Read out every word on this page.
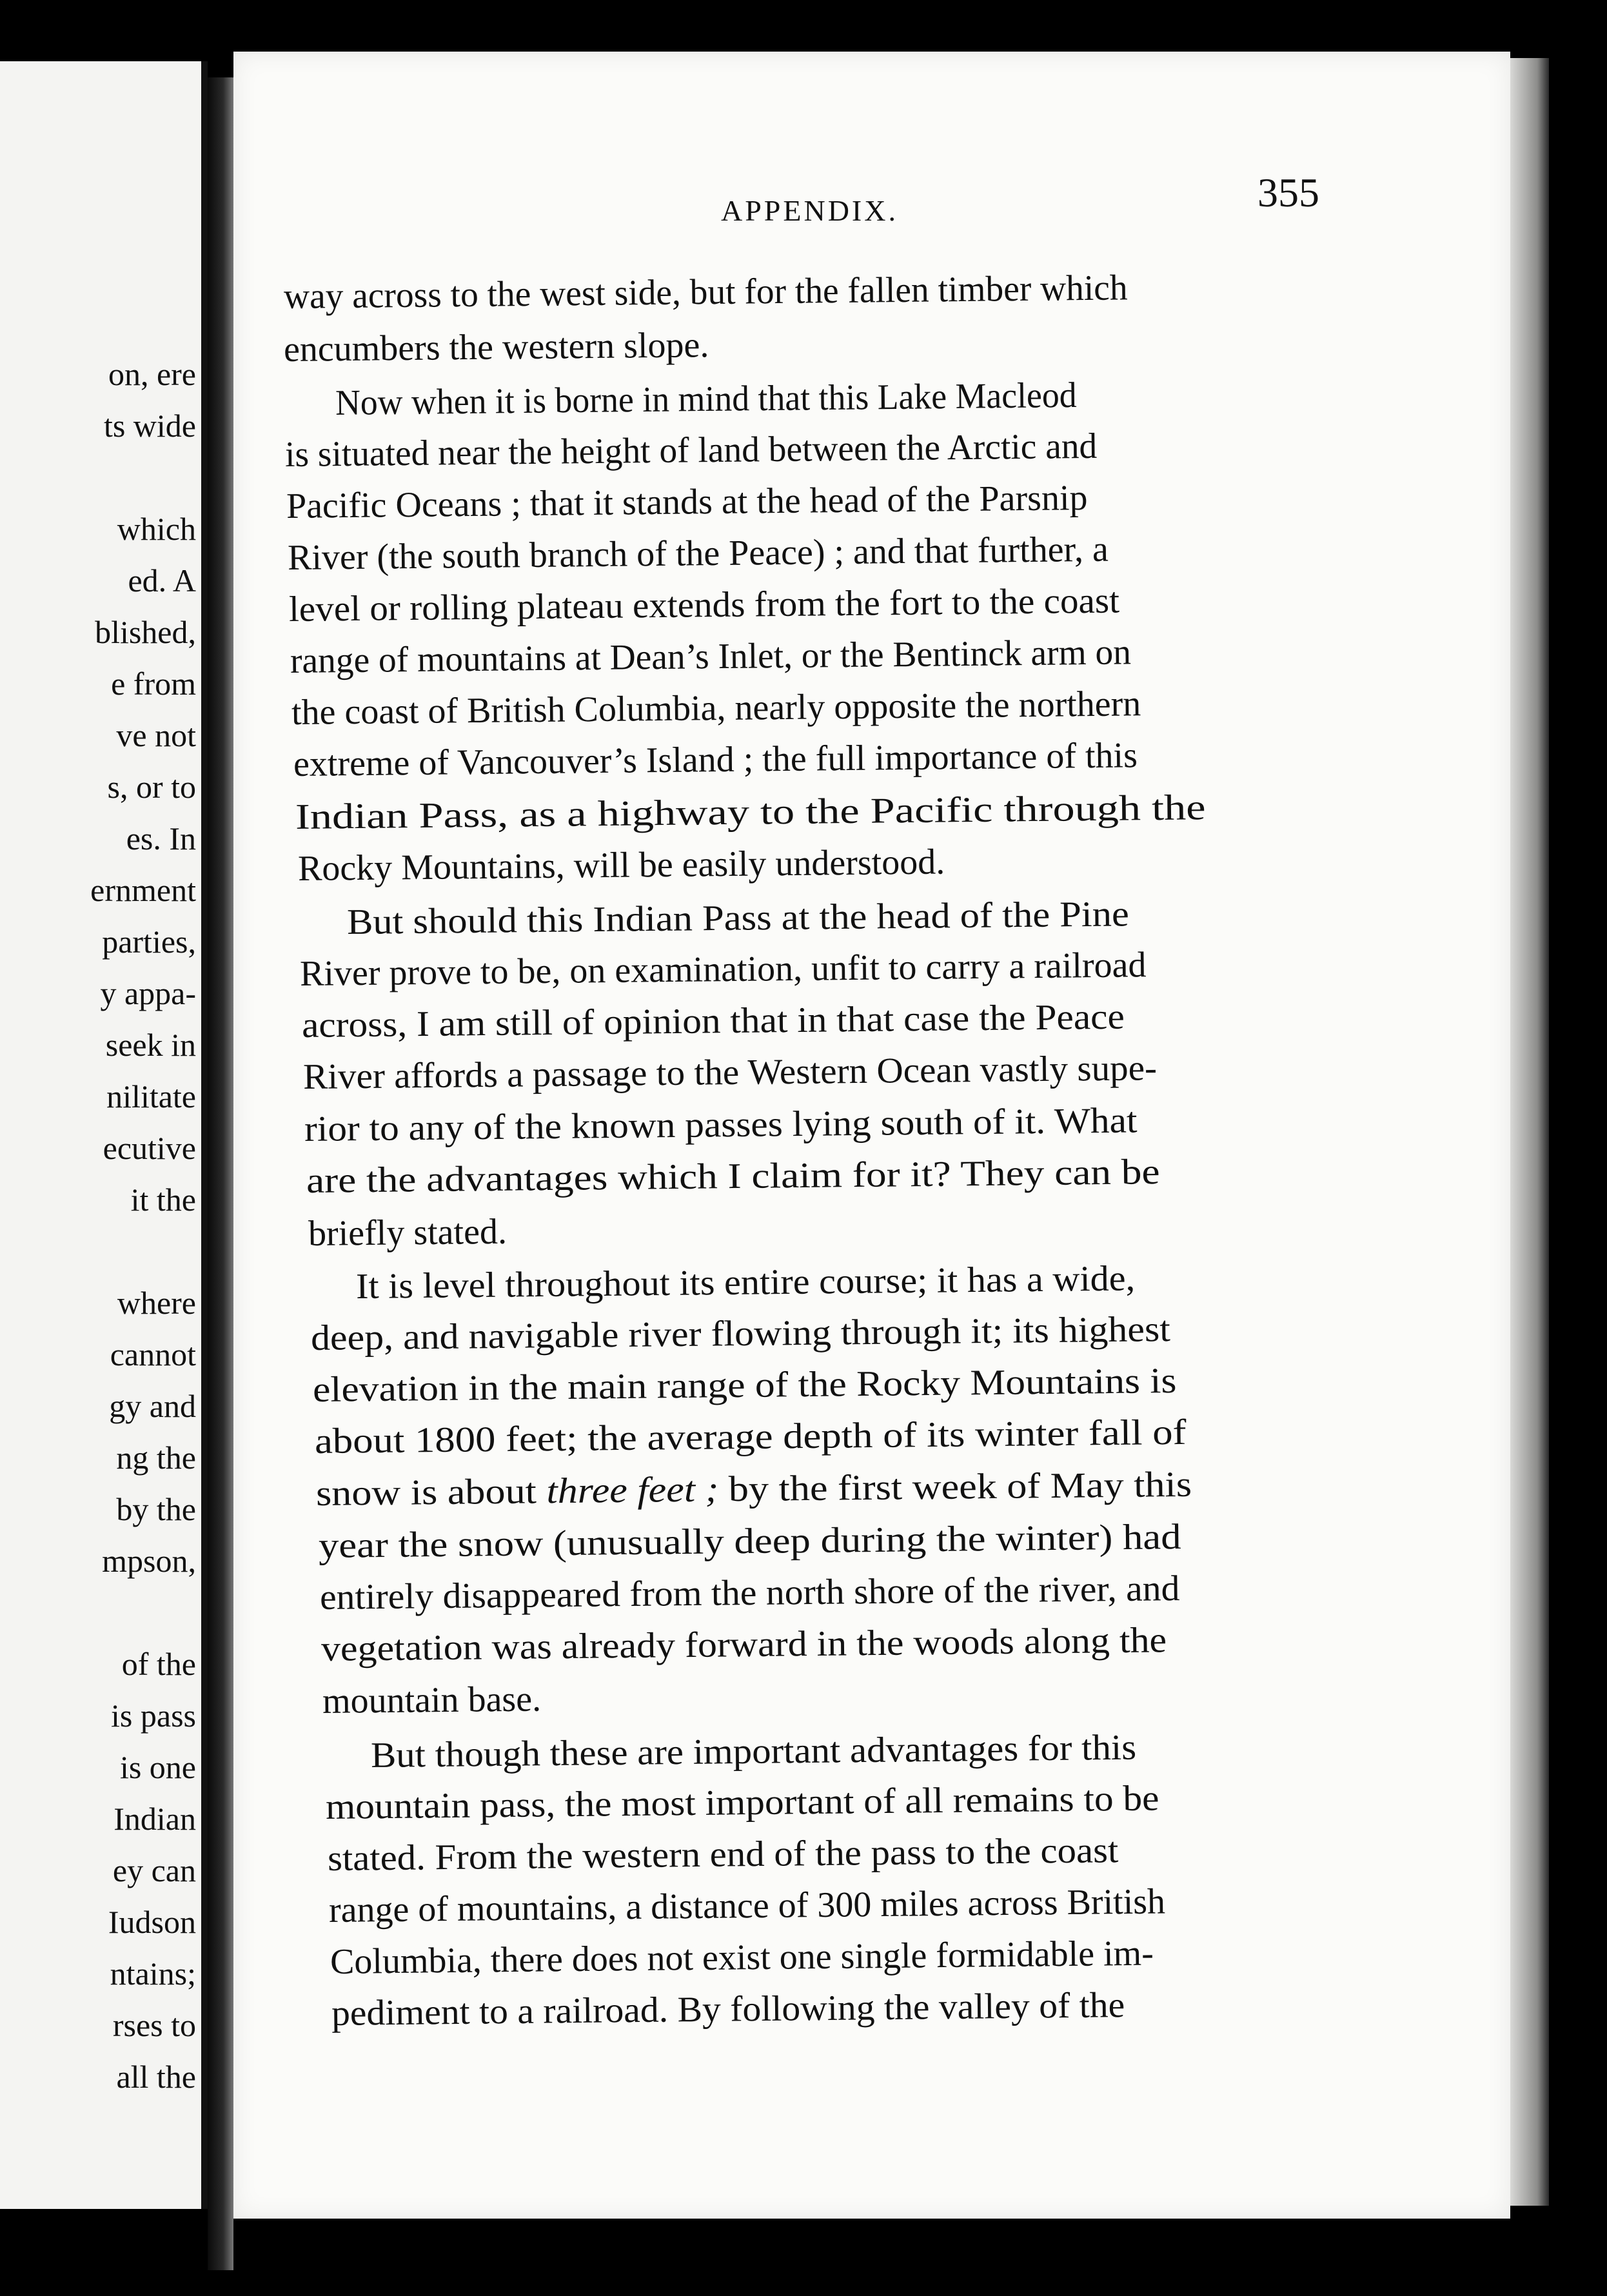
on, ere
ts wide
which
ed. A
blished,
e from
ve not
s, or to
es. In
ernment
parties,
y appa-
seek in
nilitate
ecutive
it the
where
cannot
gy and
ng the
by the
mpson,
of the
is pass
is one
Indian
ey can
Iudson
ntains;
rses to
all the
APPENDIX.	355
way across to the west side, but for the fallen timber which
encumbers the western slope.
Now when it is borne in mind that this Lake Macleod
is situated near the height of land between the Arctic and
Pacific Oceans ; that it stands at the head of the Parsnip
River (the south branch of the Peace) ; and that further, a
level or rolling plateau extends from the fort to the coast
range of mountains at Dean’s Inlet, or the Bentinck arm on
the coast of British Columbia, nearly opposite the northern
extreme of Vancouver’s Island ; the full importance of this
Indian Pass, as a highway to the Pacific through the
Rocky Mountains, will be easily understood.
But should this Indian Pass at the head of the Pine
River prove to be, on examination, unfit to carry a railroad
across, I am still of opinion that in that case the Peace
River affords a passage to the Western Ocean vastly supe-
rior to any of the known passes lying south of it. What
are the advantages which I claim for it? They can be
briefly stated.
It is level throughout its entire course; it has a wide,
deep, and navigable river flowing through it; its highest
elevation in the main range of the Rocky Mountains is
about 1800 feet; the average depth of its winter fall of
snow is about three feet ; by the first week of May this
year the snow (unusually deep during the winter) had
entirely disappeared from the north shore of the river, and
vegetation was already forward in the woods along the
mountain base.
But though these are important advantages for this
mountain pass, the most important of all remains to be
stated. From the western end of the pass to the coast
range of mountains, a distance of 300 miles across British
Columbia, there does not exist one single formidable im-
pediment to a railroad. By following the valley of the
